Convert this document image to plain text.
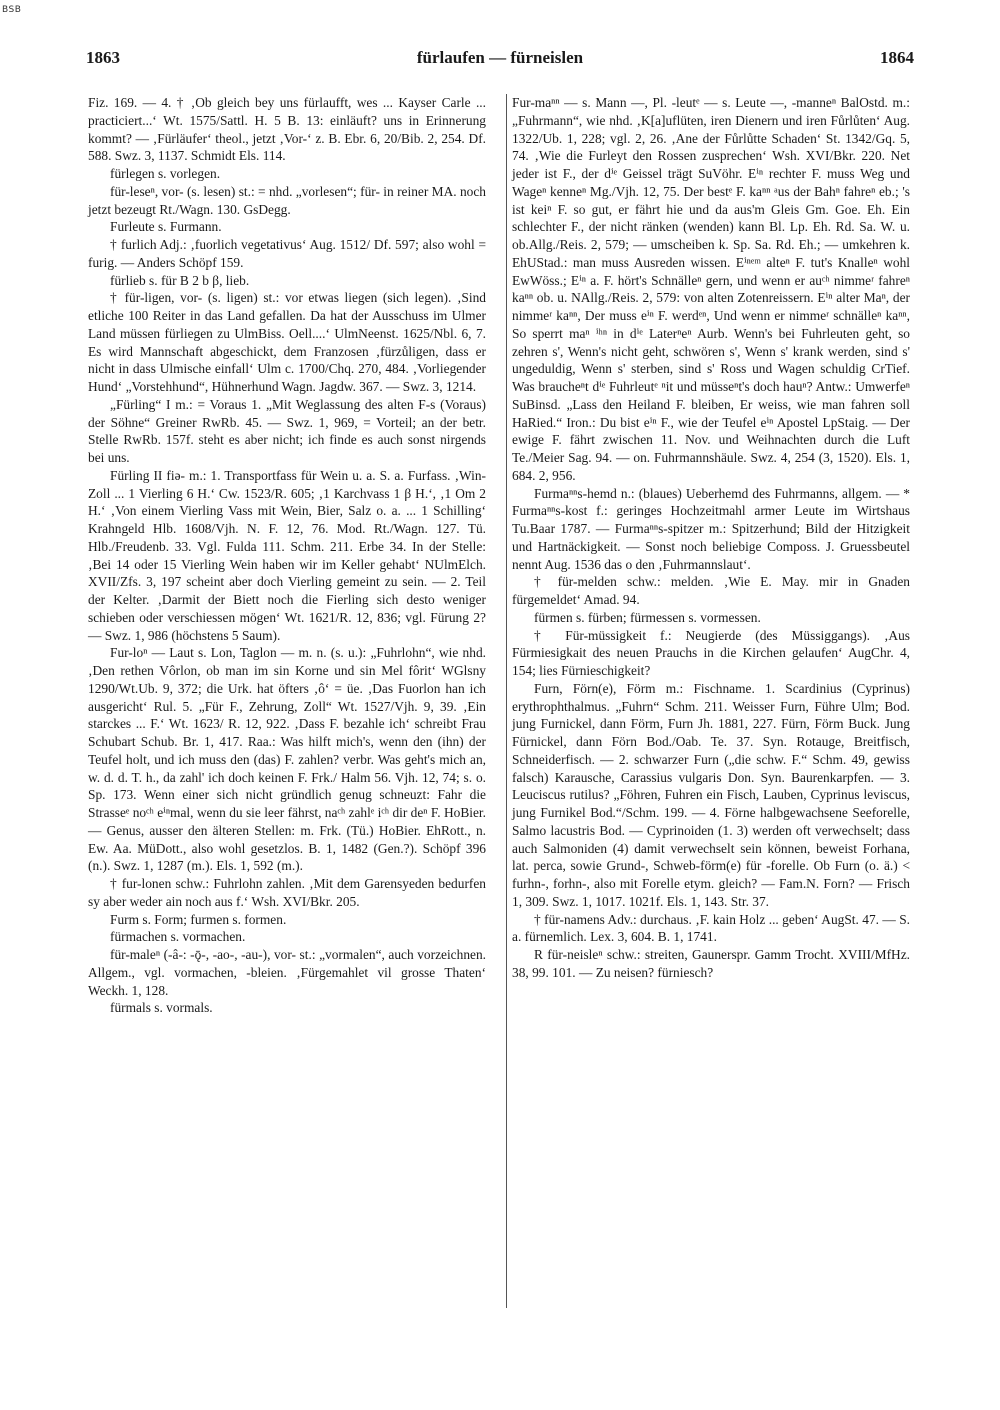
BSB
1863	fürlaufen — fürneislen	1864

Fiz. 169. — 4. † ‚Ob gleich bey uns fürlaufft, wes ... Kayser Carle ... practiciert...‘ Wt. 1575/Sattl. H. 5 B. 13: einläuft? uns in Erinnerung kommt? — ‚Fürläufer‘ theol., jetzt ‚Vor-‘ z. B. Ebr. 6, 20/Bib. 2, 254. Df. 588. Swz. 3, 1137. Schmidt Els. 114.

fürlegen s. vorlegen.

für-leseⁿ, vor- (s. lesen) st.: = nhd. „vorlesen“; für- in reiner MA. noch jetzt bezeugt Rt./Wagn. 130. GsDegg.

Furleute s. Furmann.

† furlich Adj.: ‚fuorlich vegetativus‘ Aug. 1512/ Df. 597; also wohl = furig. — Anders Schöpf 159.

fürlieb s. für B 2 b β, lieb.

† für-ligen, vor- (s. ligen) st.: vor etwas liegen (sich legen). ‚Sind etliche 100 Reiter in das Land gefallen. Da hat der Ausschuss im Ulmer Land müssen fürliegen zu UlmBiss. Oell....‘ UlmNeenst. 1625/Nbl. 6, 7. Es wird Mannschaft abgeschickt, dem Franzosen ‚fürzůligen, dass er nicht in dass Ulmische einfall‘ Ulm c. 1700/Chq. 270, 484. ‚Vorliegender Hund‘ „Vorstehhund“, Hühnerhund Wagn. Jagdw. 367. — Swz. 3, 1214.

„Fürling“ I m.: = Voraus 1. „Mit Weglassung des alten F-s (Voraus) der Söhne“ Greiner RwRb. 45. — Swz. 1, 969, = Vorteil; an der betr. Stelle RwRb. 157f. steht es aber nicht; ich finde es auch sonst nirgends bei uns.

Fürling II fiə- m.: 1. Transportfass für Wein u. a. S. a. Furfass. ‚Win-Zoll ... 1 Vierling 6 H.‘ Cw. 1523/R. 605; ‚1 Karchvass 1 β H.‘, ‚1 Om 2 H.‘ ‚Von einem Vierling Vass mit Wein, Bier, Salz o. a. ... 1 Schilling‘ Krahngeld Hlb. 1608/Vjh. N. F. 12, 76. Mod. Rt./Wagn. 127. Tü. Hlb./Freudenb. 33. Vgl. Fulda 111. Schm. 211. Erbe 34. In der Stelle: ‚Bei 14 oder 15 Vierling Wein haben wir im Keller gehabt‘ NUlmElch. XVII/Zfs. 3, 197 scheint aber doch Vierling gemeint zu sein. — 2. Teil der Kelter. ‚Darmit der Biett noch die Fierling sich desto weniger schieben oder verschiessen mögen‘ Wt. 1621/R. 12, 836; vgl. Fürung 2? — Swz. 1, 986 (höchstens 5 Saum).

Fur-loⁿ — Laut s. Lon, Taglon — m. n. (s. u.): „Fuhrlohn“, wie nhd. ‚Den rethen Vôrlon, ob man im sin Korne und sin Mel fôrit‘ WGlsny 1290/Wt.Ub. 9, 372; die Urk. hat öfters ‚ô‘ = üe. ‚Das Fuorlon han ich ausgericht‘ Rul. 5. „Für F., Zehrung, Zoll“ Wt. 1527/Vjh. 9, 39. ‚Ein starckes ... F.‘ Wt. 1623/ R. 12, 922. ‚Dass F. bezahle ich‘ schreibt Frau Schubart Schub. Br. 1, 417. Raa.: Was hilft mich's, wenn den (ihn) der Teufel holt, und ich muss den (das) F. zahlen? verbr. Was geht's mich an, w. d. d. T. h., da zahl' ich doch keinen F. Frk./ Halm 56. Vjh. 12, 74; s. o. Sp. 173. Wenn einer sich nicht gründlich genug schneuzt: Fahr die Strasseᵉ noᶜʰ eⁱⁿmal, wenn du sie leer fährst, naᶜʰ zahlᵉ iᶜʰ dir deⁿ F. HoBier. — Genus, ausser den älteren Stellen: m. Frk. (Tü.) HoBier. EhRott., n. Ew. Aa. MüDott., also wohl gesetzlos. B. 1, 1482 (Gen.?). Schöpf 396 (n.). Swz. 1, 1287 (m.). Els. 1, 592 (m.).

† fur-lonen schw.: Fuhrlohn zahlen. ‚Mit dem Garensyeden bedurfen sy aber weder ain noch aus f.‘ Wsh. XVI/Bkr. 205.

Furm s. Form; furmen s. formen.

fürmachen s. vormachen.

für-maleⁿ (-â-: -ǭ-, -ao-, -au-), vor- st.: „vormalen“, auch vorzeichnen. Allgem., vgl. vormachen, -bleien. ‚Fürgemahlet vil grosse Thaten‘ Weckh. 1, 128.

fürmals s. vormals.

Fur-maⁿⁿ — s. Mann —, Pl. -leutᵉ — s. Leute —, -manneⁿ BalOstd. m.: „Fuhrmann“, wie nhd. ‚K[a]uflüten, iren Dienern und iren Fůrlůten‘ Aug. 1322/Ub. 1, 228; vgl. 2, 26. ‚Ane der Fůrlůtte Schaden‘ St. 1342/Gq. 5, 74. ‚Wie die Furleyt den Rossen zusprechen‘ Wsh. XVI/Bkr. 220. Net jeder ist F., der dⁱᵉ Geissel trägt SuVöhr. Eⁱⁿ rechter F. muss Weg und Wageⁿ kenneⁿ Mg./Vjh. 12, 75. Der bestᵉ F. kaⁿⁿ ᵃus der Bahⁿ fahreⁿ eb.; 's ist keiⁿ F. so gut, er fährt hie und da aus'm Gleis Gm. Goe. Eh. Ein schlechter F., der nicht ränken (wenden) kann Bl. Lp. Eh. Rd. Sa. W. u. ob.Allg./Reis. 2, 579; — umscheiben k. Sp. Sa. Rd. Eh.; — umkehren k. EhUStad.: man muss Ausreden wissen. Eⁱⁿᵉᵐ alteⁿ F. tut's Knalleⁿ wohl EwWöss.; Eⁱⁿ a. F. hört's Schnälleⁿ gern, und wenn er auᶜʰ nimmeʳ fahreⁿ kaⁿⁿ ob. u. NAllg./Reis. 2, 579: von alten Zotenreissern. Eⁱⁿ alter Maⁿ, der nimmeʳ kaⁿⁿ, Der muss eⁱⁿ F. werdᵉⁿ, Und wenn er nimmeʳ schnälleⁿ kaⁿⁿ, So sperrt maⁿ ⁱʰⁿ in dⁱᵉ Laterⁿeⁿ Aurb. Wenn's bei Fuhrleuten geht, so zehren s', Wenn's nicht geht, schwören s', Wenn s' krank werden, sind s' ungeduldig, Wenn s' sterben, sind s' Ross und Wagen schuldig CrTief. Was braucheⁿt dⁱᵉ Fuhrleutᵉ ⁿit und müsseⁿt's doch hauⁿ? Antw.: Umwerfeⁿ SuBinsd. „Lass den Heiland F. bleiben, Er weiss, wie man fahren soll HaRied.“ Iron.: Du bist eⁱⁿ F., wie der Teufel eⁱⁿ Apostel LpStaig. — Der ewige F. fährt zwischen 11. Nov. und Weihnachten durch die Luft Te./Meier Sag. 94. — on. Fuhrmannshäule. Swz. 4, 254 (3, 1520). Els. 1, 684. 2, 956.

Furmaⁿⁿs-hemd n.: (blaues) Ueberhemd des Fuhrmanns, allgem. — * Furmaⁿⁿs-kost f.: geringes Hochzeitmahl armer Leute im Wirtshaus Tu.Baar 1787. — Furmaⁿⁿs-spitzer m.: Spitzerhund; Bild der Hitzigkeit und Hartnäckigkeit. — Sonst noch beliebige Composs. J. Gruessbeutel nennt Aug. 1536 das o den ‚Fuhrmannslaut‘.

† für-melden schw.: melden. ‚Wie E. May. mir in Gnaden fürgemeldet‘ Amad. 94.

fürmen s. fürben; fürmessen s. vormessen.

† Für-müssigkeit f.: Neugierde (des Müssiggangs). ‚Aus Fürmiesigkait des neuen Prauchs in die Kirchen gelaufen‘ AugChr. 4, 154; lies Fürnieschigkeit?

Furn, Förn(e), Förm m.: Fischname. 1. Scardinius (Cyprinus) erythrophthalmus. „Fuhrn“ Schm. 211. Weisser Furn, Führe Ulm; Bod. jung Furnickel, dann Förm, Furn Jh. 1881, 227. Fürn, Förm Buck. Jung Fürnickel, dann Förn Bod./Oab. Te. 37. Syn. Rotauge, Breitfisch, Schneiderfisch. — 2. schwarzer Furn („die schw. F.“ Schm. 49, gewiss falsch) Karausche, Carassius vulgaris Don. Syn. Baurenkarpfen. — 3. Leuciscus rutilus? „Föhren, Fuhren ein Fisch, Lauben, Cyprinus leviscus, jung Furnikel Bod.“/Schm. 199. — 4. Förne halbgewachsene Seeforelle, Salmo lacustris Bod. — Cyprinoiden (1. 3) werden oft verwechselt; dass auch Salmoniden (4) damit verwechselt sein können, beweist Forhana, lat. perca, sowie Grund-, Schweb-förm(e) für -forelle. Ob Furn (o. ä.) < furhn-, forhn-, also mit Forelle etym. gleich? — Fam.N. Forn? — Frisch 1, 309. Swz. 1, 1017. 1021f. Els. 1, 143. Str. 37.

† für-namens Adv.: durchaus. ‚F. kain Holz ... geben‘ AugSt. 47. — S. a. fürnemlich. Lex. 3, 604. B. 1, 1741.

R für-neisleⁿ schw.: streiten, Gaunerspr. Gamm Trocht. XVIII/MfHz. 38, 99. 101. — Zu neisen? fürniesch?
